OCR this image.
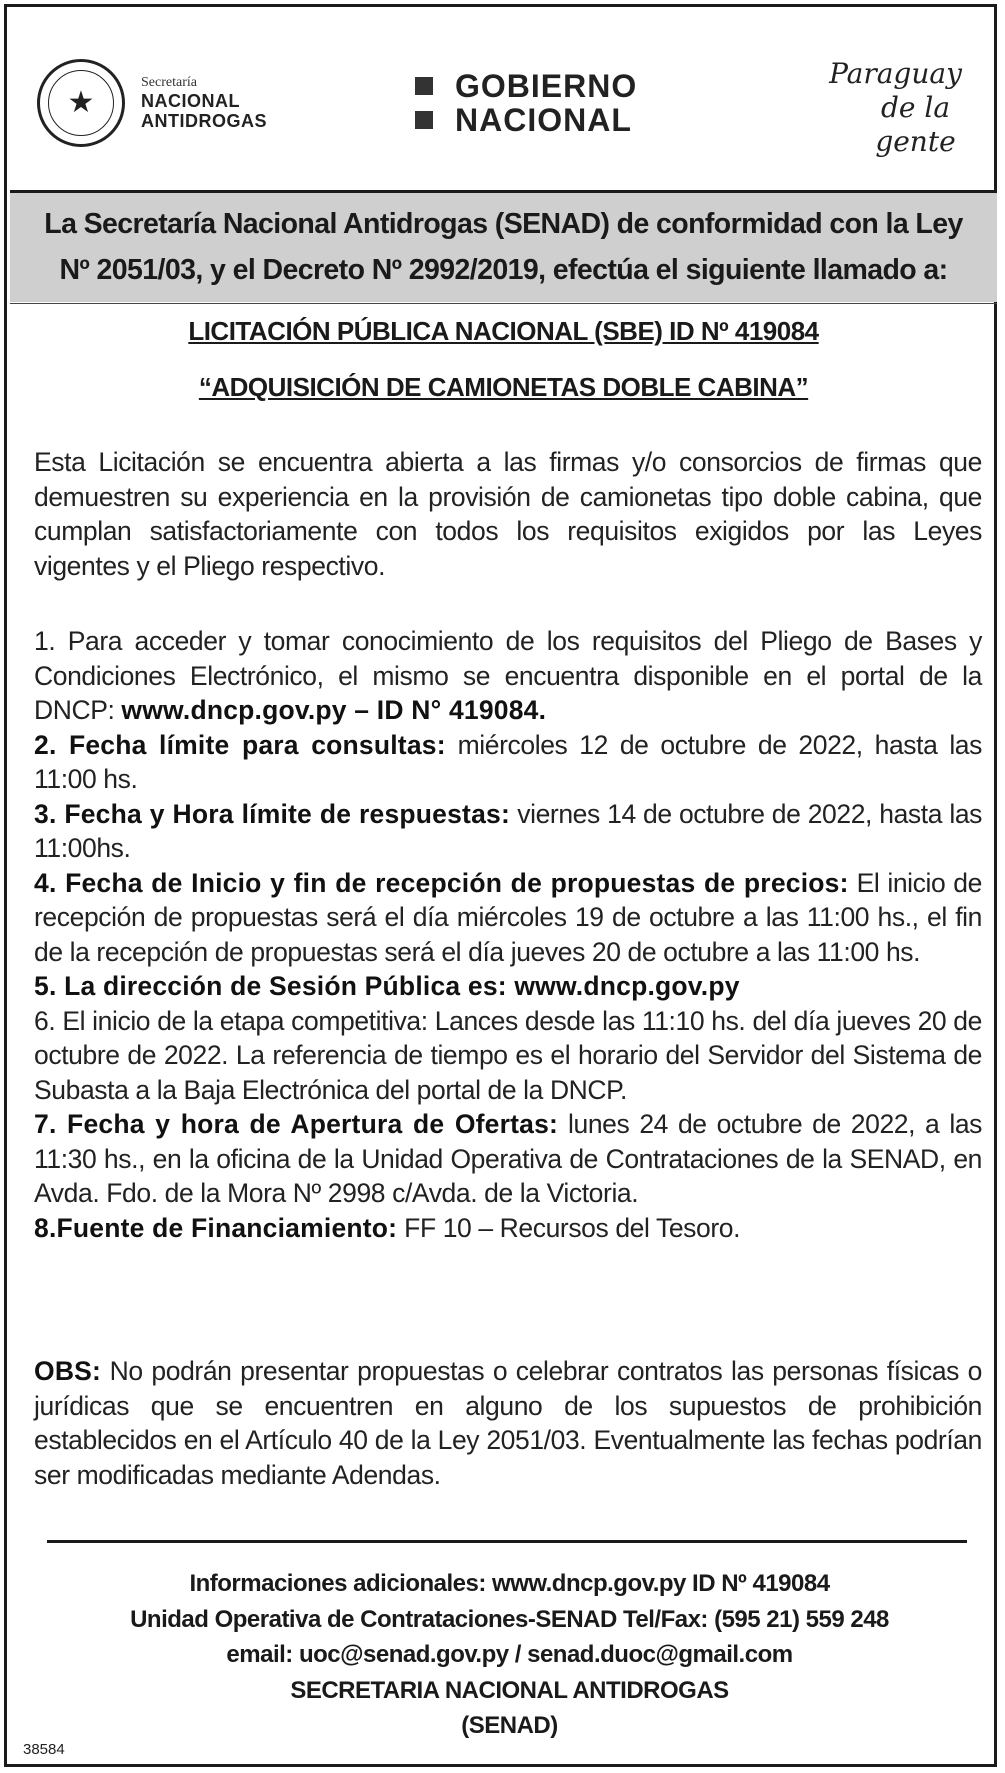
★
Secretaría
NACIONAL
ANTIDROGAS
GOBIERNO
NACIONAL
Paraguay
de la gente

La Secretaría Nacional Antidrogas (SENAD) de conformidad con la Ley

Nº 2051/03, y el Decreto Nº 2992/2019, efectúa el siguiente llamado a:

LICITACIÓN PÚBLICA NACIONAL (SBE) ID Nº 419084
“ADQUISICIÓN DE CAMIONETAS DOBLE CABINA”

Esta Licitación se encuentra abierta a las firmas y/o consorcios de firmas que demuestren su experiencia en la provisión de camionetas tipo doble cabina, que cumplan satisfactoriamente con todos los requisitos exigidos por las Leyes vigentes y el Pliego respectivo.

1. Para acceder y tomar conocimiento de los requisitos del Pliego de Bases y Condiciones Electrónico, el mismo se encuentra disponible en el portal de la DNCP: www.dncp.gov.py – ID N° 419084.

2. Fecha límite para consultas: miércoles 12 de octubre de 2022, hasta las 11:00 hs.

3. Fecha y Hora límite de respuestas: viernes 14 de octubre de 2022, hasta las 11:00hs.

4. Fecha de Inicio y fin de recepción de propuestas de precios: El inicio de recepción de propuestas será el día miércoles 19 de octubre a las 11:00 hs., el fin de la recepción de propuestas será el día jueves 20 de octubre a las 11:00 hs.

5. La dirección de Sesión Pública es: www.dncp.gov.py

6. El inicio de la etapa competitiva: Lances desde las 11:10 hs. del día jueves 20 de octubre de 2022. La referencia de tiempo es el horario del Servidor del Sistema de Subasta a la Baja Electrónica del portal de la DNCP.

7. Fecha y hora de Apertura de Ofertas: lunes 24 de octubre de 2022, a las 11:30 hs., en la oficina de la Unidad Operativa de Contrataciones de la SENAD, en Avda. Fdo. de la Mora Nº 2998 c/Avda. de la Victoria.

8.Fuente de Financiamiento: FF 10 – Recursos del Tesoro.

OBS: No podrán presentar propuestas o celebrar contratos las personas físicas o jurídicas que se encuentren en alguno de los supuestos de prohibición establecidos en el Artículo 40 de la Ley 2051/03. Eventualmente las fechas podrían ser modificadas mediante Adendas.

Informaciones adicionales: www.dncp.gov.py ID Nº 419084

Unidad Operativa de Contrataciones-SENAD Tel/Fax: (595 21) 559 248

email: uoc@senad.gov.py / senad.duoc@gmail.com

SECRETARIA NACIONAL ANTIDROGAS

(SENAD)

38584
